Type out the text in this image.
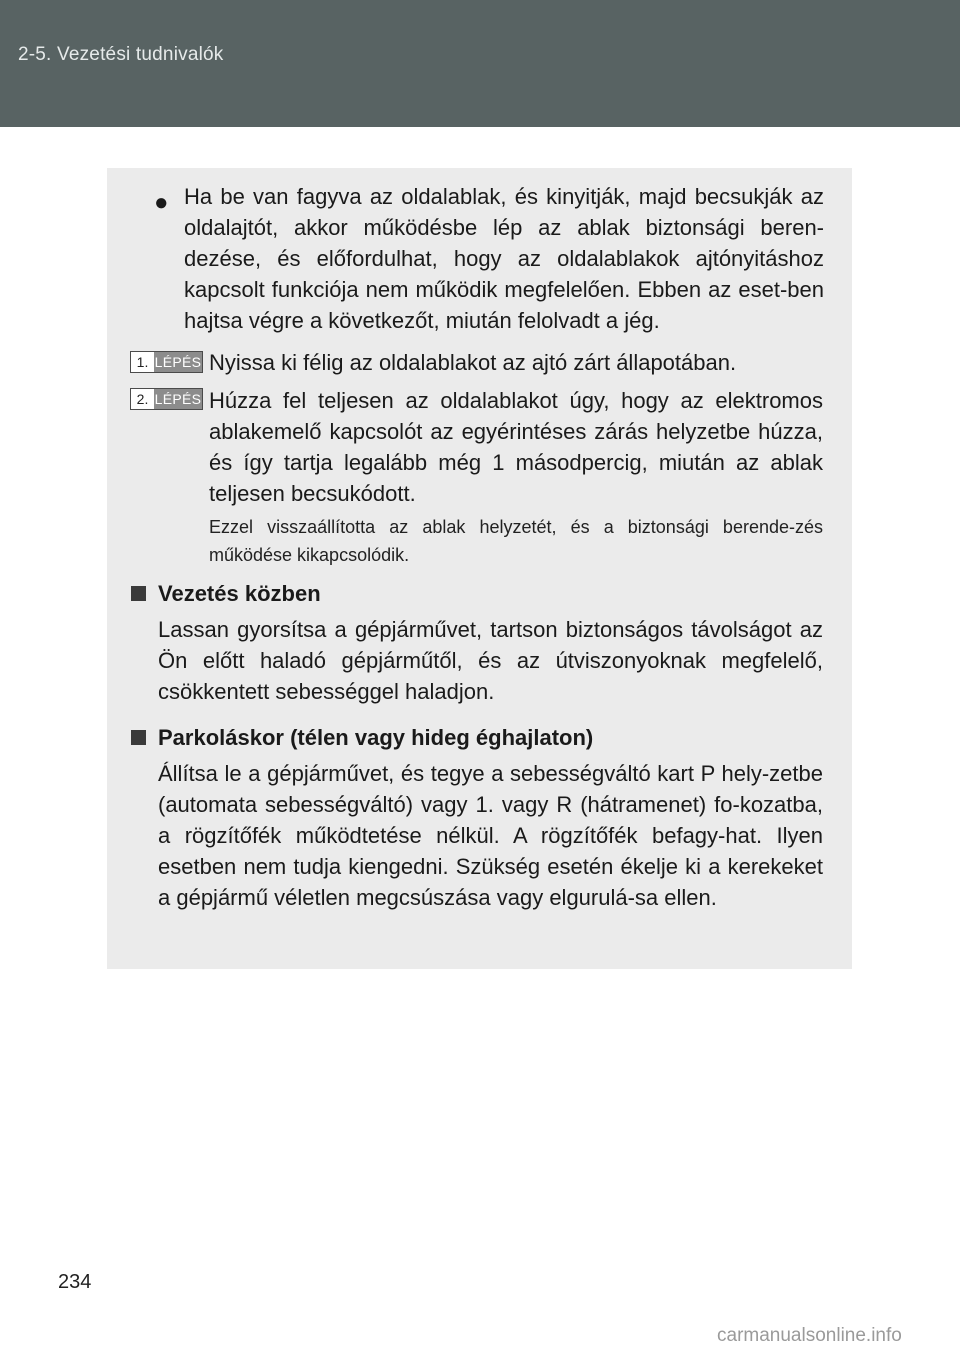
2-5. Vezetési tudnivalók
● Ha be van fagyva az oldalablak, és kinyitják, majd becsukják az oldalajtót, akkor működésbe lép az ablak biztonsági beren-dezése, és előfordulhat, hogy az oldalablakok ajtónyitáshoz kapcsolt funkciója nem működik megfelelően. Ebben az eset-ben hajtsa végre a következőt, miután felolvadt a jég.
1. LÉPÉS Nyissa ki félig az oldalablakot az ajtó zárt állapotában.
2. LÉPÉS Húzza fel teljesen az oldalablakot úgy, hogy az elektromos ablakemelő kapcsolót az egyérintéses zárás helyzetbe húzza, és így tartja legalább még 1 másodpercig, miután az ablak teljesen becsukódott.
Ezzel visszaállította az ablak helyzetét, és a biztonsági berende-zés működése kikapcsolódik.
Vezetés közben
Lassan gyorsítsa a gépjárművet, tartson biztonságos távolságot az Ön előtt haladó gépjárműtől, és az útviszonyoknak megfelelő, csökkentett sebességgel haladjon.
Parkoláskor (télen vagy hideg éghajlaton)
Állítsa le a gépjárművet, és tegye a sebességváltó kart P hely-zetbe (automata sebességváltó) vagy 1. vagy R (hátramenet) fo-kozatba, a rögzítőfék működtetése nélkül. A rögzítőfék befagy-hat. Ilyen esetben nem tudja kiengedni. Szükség esetén ékelje ki a kerekeket a gépjármű véletlen megcsúszása vagy elgurulá-sa ellen.
234
carmanualsonline.info
